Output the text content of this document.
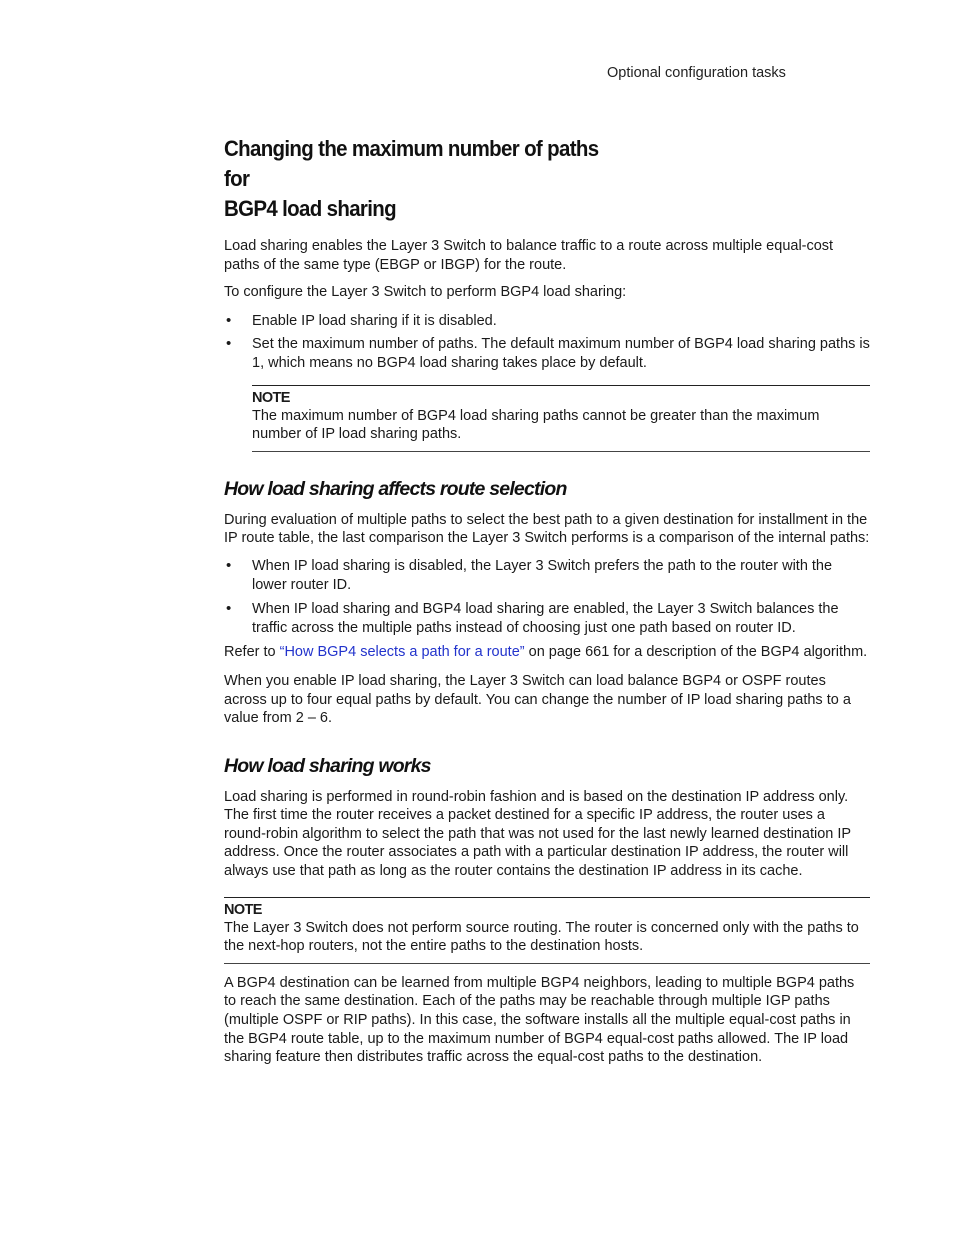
Optional configuration tasks
Changing the maximum number of paths for
BGP4 load sharing

Load sharing enables the Layer 3 Switch to balance traffic to a route across multiple equal-cost paths of the same type (EBGP or IBGP) for the route.

To configure the Layer 3 Switch to perform BGP4 load sharing:

• Enable IP load sharing if it is disabled.
• Set the maximum number of paths. The default maximum number of BGP4 load sharing paths is 1, which means no BGP4 load sharing takes place by default.
NOTE
The maximum number of BGP4 load sharing paths cannot be greater than the maximum number of IP load sharing paths.
How load sharing affects route selection

During evaluation of multiple paths to select the best path to a given destination for installment in the IP route table, the last comparison the Layer 3 Switch performs is a comparison of the internal paths:

• When IP load sharing is disabled, the Layer 3 Switch prefers the path to the router with the lower router ID.
• When IP load sharing and BGP4 load sharing are enabled, the Layer 3 Switch balances the traffic across the multiple paths instead of choosing just one path based on router ID.

Refer to “How BGP4 selects a path for a route” on page 661 for a description of the BGP4 algorithm.

When you enable IP load sharing, the Layer 3 Switch can load balance BGP4 or OSPF routes across up to four equal paths by default. You can change the number of IP load sharing paths to a value from 2 – 6.

How load sharing works

Load sharing is performed in round-robin fashion and is based on the destination IP address only. The first time the router receives a packet destined for a specific IP address, the router uses a round-robin algorithm to select the path that was not used for the last newly learned destination IP address. Once the router associates a path with a particular destination IP address, the router will always use that path as long as the router contains the destination IP address in its cache.

NOTE
The Layer 3 Switch does not perform source routing. The router is concerned only with the paths to the next-hop routers, not the entire paths to the destination hosts.

A BGP4 destination can be learned from multiple BGP4 neighbors, leading to multiple BGP4 paths to reach the same destination. Each of the paths may be reachable through multiple IGP paths (multiple OSPF or RIP paths). In this case, the software installs all the multiple equal-cost paths in the BGP4 route table, up to the maximum number of BGP4 equal-cost paths allowed. The IP load sharing feature then distributes traffic across the equal-cost paths to the destination.
